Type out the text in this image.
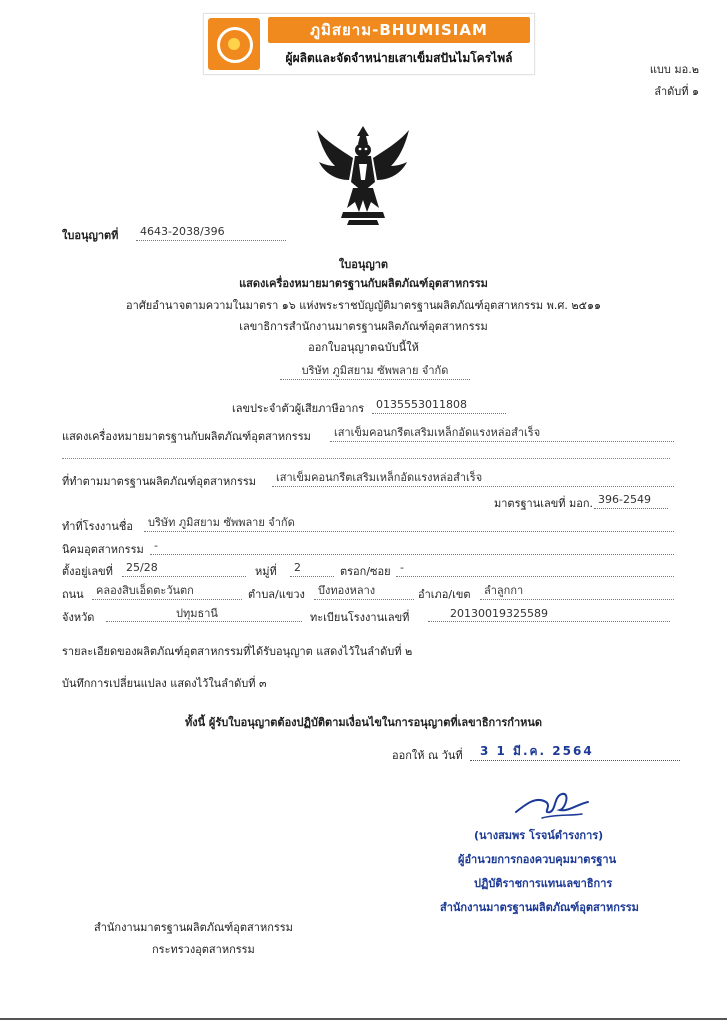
ภูมิสยาม-BHUMISIAM
ผู้ผลิตและจัดจำหน่ายเสาเข็มสปันไมโครไพล์
แบบ มอ.๒
ลำดับที่ ๑
ใบอนุญาตที่	4643-2038/396
ใบอนุญาต
แสดงเครื่องหมายมาตรฐานกับผลิตภัณฑ์อุตสาหกรรม
อาศัยอำนาจตามความในมาตรา ๑๖ แห่งพระราชบัญญัติมาตรฐานผลิตภัณฑ์อุตสาหกรรม พ.ศ. ๒๕๑๑
เลขาธิการสำนักงานมาตรฐานผลิตภัณฑ์อุตสาหกรรม
ออกใบอนุญาตฉบับนี้ให้
บริษัท ภูมิสยาม ซัพพลาย จำกัด
เลขประจำตัวผู้เสียภาษีอากร	0135553011808
แสดงเครื่องหมายมาตรฐานกับผลิตภัณฑ์อุตสาหกรรม	เสาเข็มคอนกรีตเสริมเหล็กอัดแรงหล่อสำเร็จ
ที่ทำตามมาตรฐานผลิตภัณฑ์อุตสาหกรรม	เสาเข็มคอนกรีตเสริมเหล็กอัดแรงหล่อสำเร็จ
มาตรฐานเลขที่ มอก. 396-2549
ทำที่โรงงานชื่อ	บริษัท ภูมิสยาม ซัพพลาย จำกัด
นิคมอุตสาหกรรม -
ตั้งอยู่เลขที่	25/28	หมู่ที่	2	ตรอก/ซอย -
ถนน	คลองสิบเอ็ดตะวันตก	ตำบล/แขวง	บึงทองหลาง	อำเภอ/เขต	ลำลูกกา
จังหวัด	ปทุมธานี	ทะเบียนโรงงานเลขที่	20130019325589
รายละเอียดของผลิตภัณฑ์อุตสาหกรรมที่ได้รับอนุญาต แสดงไว้ในลำดับที่ ๒
บันทึกการเปลี่ยนแปลง แสดงไว้ในลำดับที่ ๓
ทั้งนี้ ผู้รับใบอนุญาตต้องปฏิบัติตามเงื่อนไขในการอนุญาตที่เลขาธิการกำหนด
ออกให้ ณ วันที่	3 1 มี.ค. 2564
(นางสมพร โรจน์ดำรงการ)
ผู้อำนวยการกองควบคุมมาตรฐาน
ปฏิบัติราชการแทนเลขาธิการ
สำนักงานมาตรฐานผลิตภัณฑ์อุตสาหกรรม
สำนักงานมาตรฐานผลิตภัณฑ์อุตสาหกรรม
กระทรวงอุตสาหกรรม
